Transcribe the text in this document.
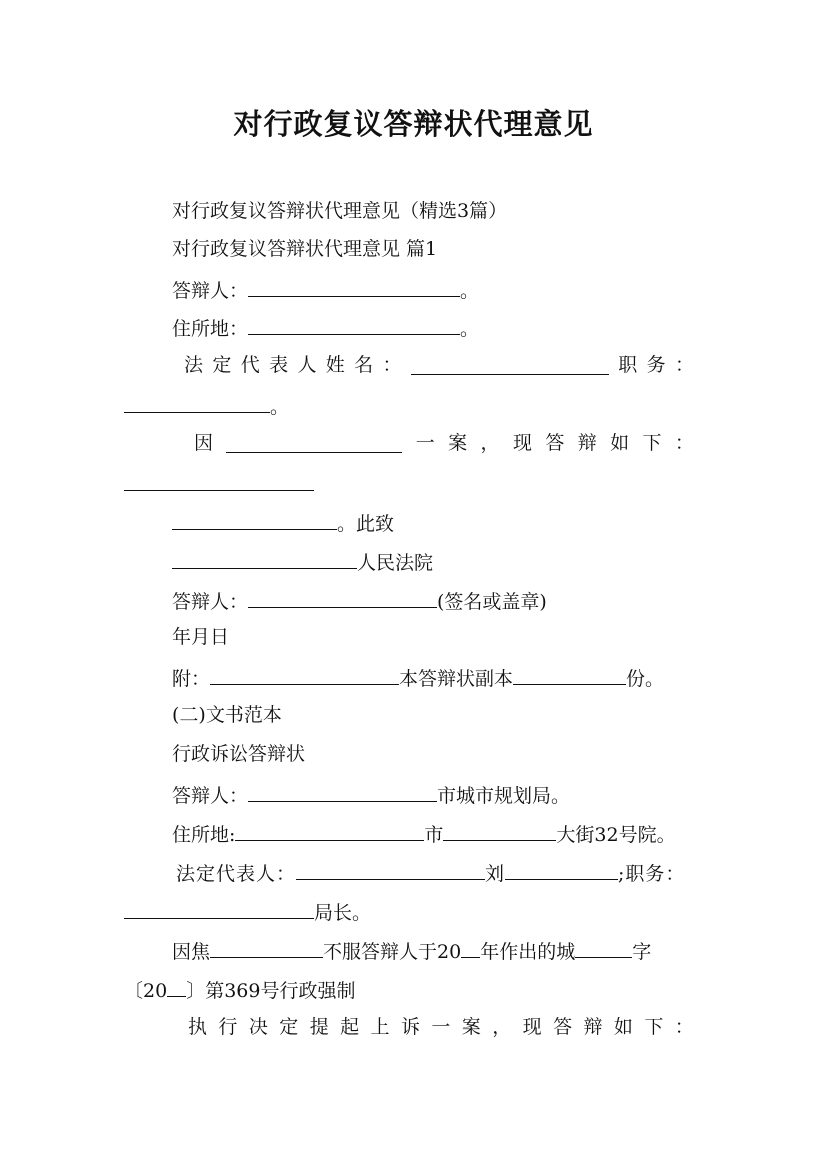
对行政复议答辩状代理意见
对行政复议答辩状代理意见（精选3篇）
对行政复议答辩状代理意见 篇1
答辩人：	。
住所地：	。
法 定 代 表 人 姓 名 ：	职 务 ：
。
因	一 案 ， 现 答 辩 如 下 ：
。此致
人民法院
答辩人：	(签名或盖章)
年月日
附：	本答辩状副本	份。
(二)文书范本
行政诉讼答辩状
答辩人：	市城市规划局。
住所地:	市	大街32号院。
法定代表人：	刘	;职务：
局长。
因焦	不服答辩人于20 年作出的城	字
〔20 〕第369号行政强制
执 行 决 定 提 起 上 诉 一 案 ， 现 答 辩 如 下 ：
